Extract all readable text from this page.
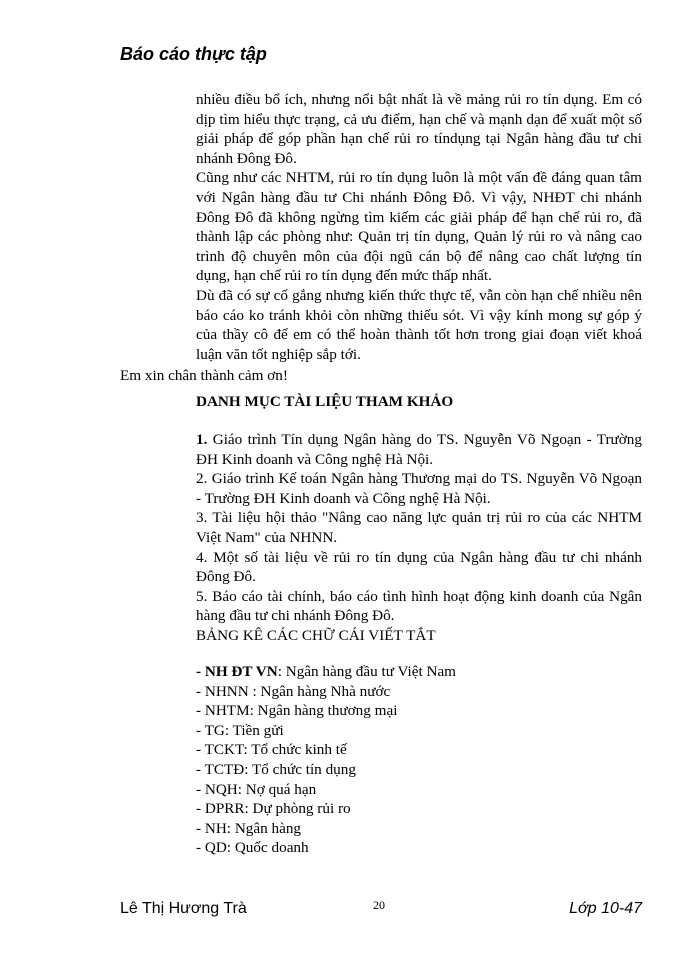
Báo cáo thực tập

nhiều điều bổ ích, nhưng nổi bật nhất là về mảng rủi ro tín dụng. Em có dịp tìm hiểu thực trạng, cả ưu điểm, hạn chế và mạnh dạn để xuất một số giải pháp để góp phần hạn chế rủi ro tíndụng tại Ngân hàng đầu tư chi nhánh Đông Đô.

Cũng như các NHTM, rủi ro tín dụng luôn là một vấn đề đáng quan tâm với Ngân hàng đầu tư Chi nhánh Đông Đô. Vì vậy, NHĐT chi nhánh Đông Đô đã không ngừng tìm kiếm các giải pháp để hạn chế rủi ro, đã thành lập các phòng như: Quản trị tín dụng, Quản lý rủi ro và nâng cao trình độ chuyên môn của đội ngũ cán bộ để nâng cao chất lượng tín dụng, hạn chế rủi ro tín dụng đến mức thấp nhất.

Dù đã có sự cố gắng nhưng kiến thức thực tế, vẫn còn hạn chế nhiều nên báo cáo ko tránh khỏi còn những thiếu sót. Vì vậy kính mong sự góp ý của thầy cô để em có thể hoàn thành tốt hơn trong giai đoạn viết khoá luận văn tốt nghiệp sắp tới.

Em xin chân thành cảm ơn!
DANH MỤC TÀI LIỆU THAM KHẢO

1. Giáo trình Tín dụng Ngân hàng do TS. Nguyễn Võ Ngoạn - Trường ĐH Kinh doanh và Công nghệ Hà Nội.

2. Giáo trình Kế toán Ngân hàng Thương mại do TS. Nguyễn Võ Ngoạn - Trường ĐH Kinh doanh và Công nghệ Hà Nội.

3. Tài liệu hội thảo "Nâng cao năng lực quản trị rủi ro của các NHTM Việt Nam" của NHNN.

4. Một số tài liệu về rủi ro tín dụng của Ngân hàng đầu tư chi nhánh Đông Đô.

5. Báo cáo tài chính, báo cáo tình hình hoạt động kinh doanh của Ngân hàng đầu tư chi nhánh Đông Đô.

BẢNG KÊ CÁC CHỮ CÁI VIẾT TẮT

- NH ĐT VN: Ngân hàng đầu tư Việt Nam
- NHNN : Ngân hàng Nhà nước
- NHTM: Ngân hàng thương mại
- TG: Tiền gửi
- TCKT: Tổ chức kinh tế
- TCTĐ: Tổ chức tín dụng
- NQH: Nợ quá hạn
- DPRR: Dự phòng rủi ro
- NH: Ngân hàng
- QD: Quốc doanh
Lê Thị Hương Trà	20	Lớp 10-47
